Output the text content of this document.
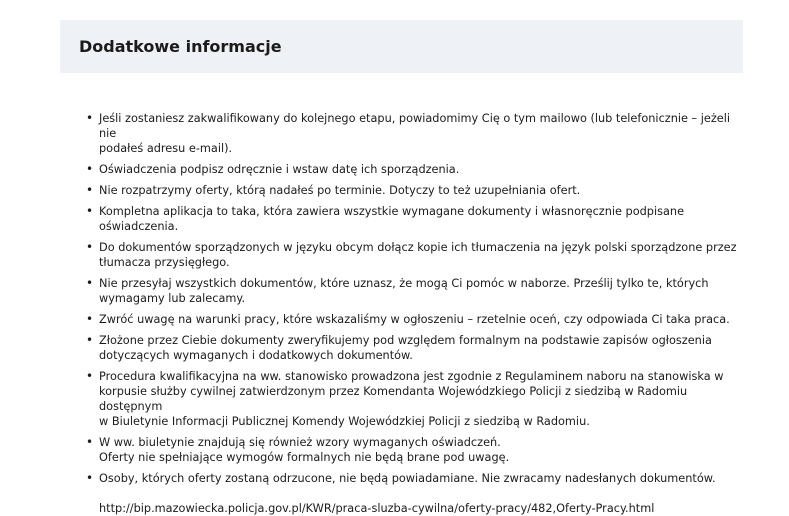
Dodatkowe informacje
• Jeśli zostaniesz zakwalifikowany do kolejnego etapu, powiadomimy Cię o tym mailowo (lub telefonicznie – jeżeli nie
podałeś adresu e-mail).
• Oświadczenia podpisz odręcznie i wstaw datę ich sporządzenia.
• Nie rozpatrzymy oferty, którą nadałeś po terminie. Dotyczy to też uzupełniania ofert.
• Kompletna aplikacja to taka, która zawiera wszystkie wymagane dokumenty i własnoręcznie podpisane oświadczenia.
• Do dokumentów sporządzonych w języku obcym dołącz kopie ich tłumaczenia na język polski sporządzone przez
tłumacza przysięgłego.
• Nie przesyłaj wszystkich dokumentów, które uznasz, że mogą Ci pomóc w naborze. Prześlij tylko te, których
wymagamy lub zalecamy.
• Zwróć uwagę na warunki pracy, które wskazaliśmy w ogłoszeniu – rzetelnie oceń, czy odpowiada Ci taka praca.
• Złożone przez Ciebie dokumenty zweryfikujemy pod względem formalnym na podstawie zapisów ogłoszenia
dotyczących wymaganych i dodatkowych dokumentów.
• Procedura kwalifikacyjna na ww. stanowisko prowadzona jest zgodnie z Regulaminem naboru na stanowiska w
korpusie służby cywilnej zatwierdzonym przez Komendanta Wojewódzkiego Policji z siedzibą w Radomiu dostępnym
w Biuletynie Informacji Publicznej Komendy Wojewódzkiej Policji z siedzibą w Radomiu.
• W ww. biuletynie znajdują się również wzory wymaganych oświadczeń.
Oferty nie spełniające wymogów formalnych nie będą brane pod uwagę.
• Osoby, których oferty zostaną odrzucone, nie będą powiadamiane. Nie zwracamy nadesłanych dokumentów.
http://bip.mazowiecka.policja.gov.pl/KWR/praca-sluzba-cywilna/oferty-pracy/482,Oferty-Pracy.html
